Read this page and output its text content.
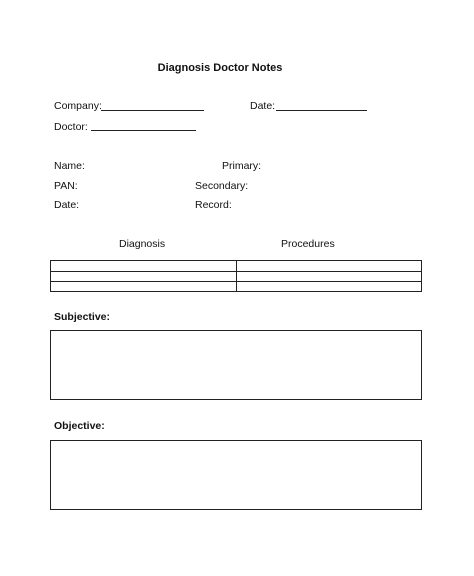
Diagnosis Doctor Notes
Company:	Date:
Doctor:
Name:
PAN:
Date:
Primary:
Secondary:
Record:
Diagnosis	Procedures
Subjective:
Objective:
